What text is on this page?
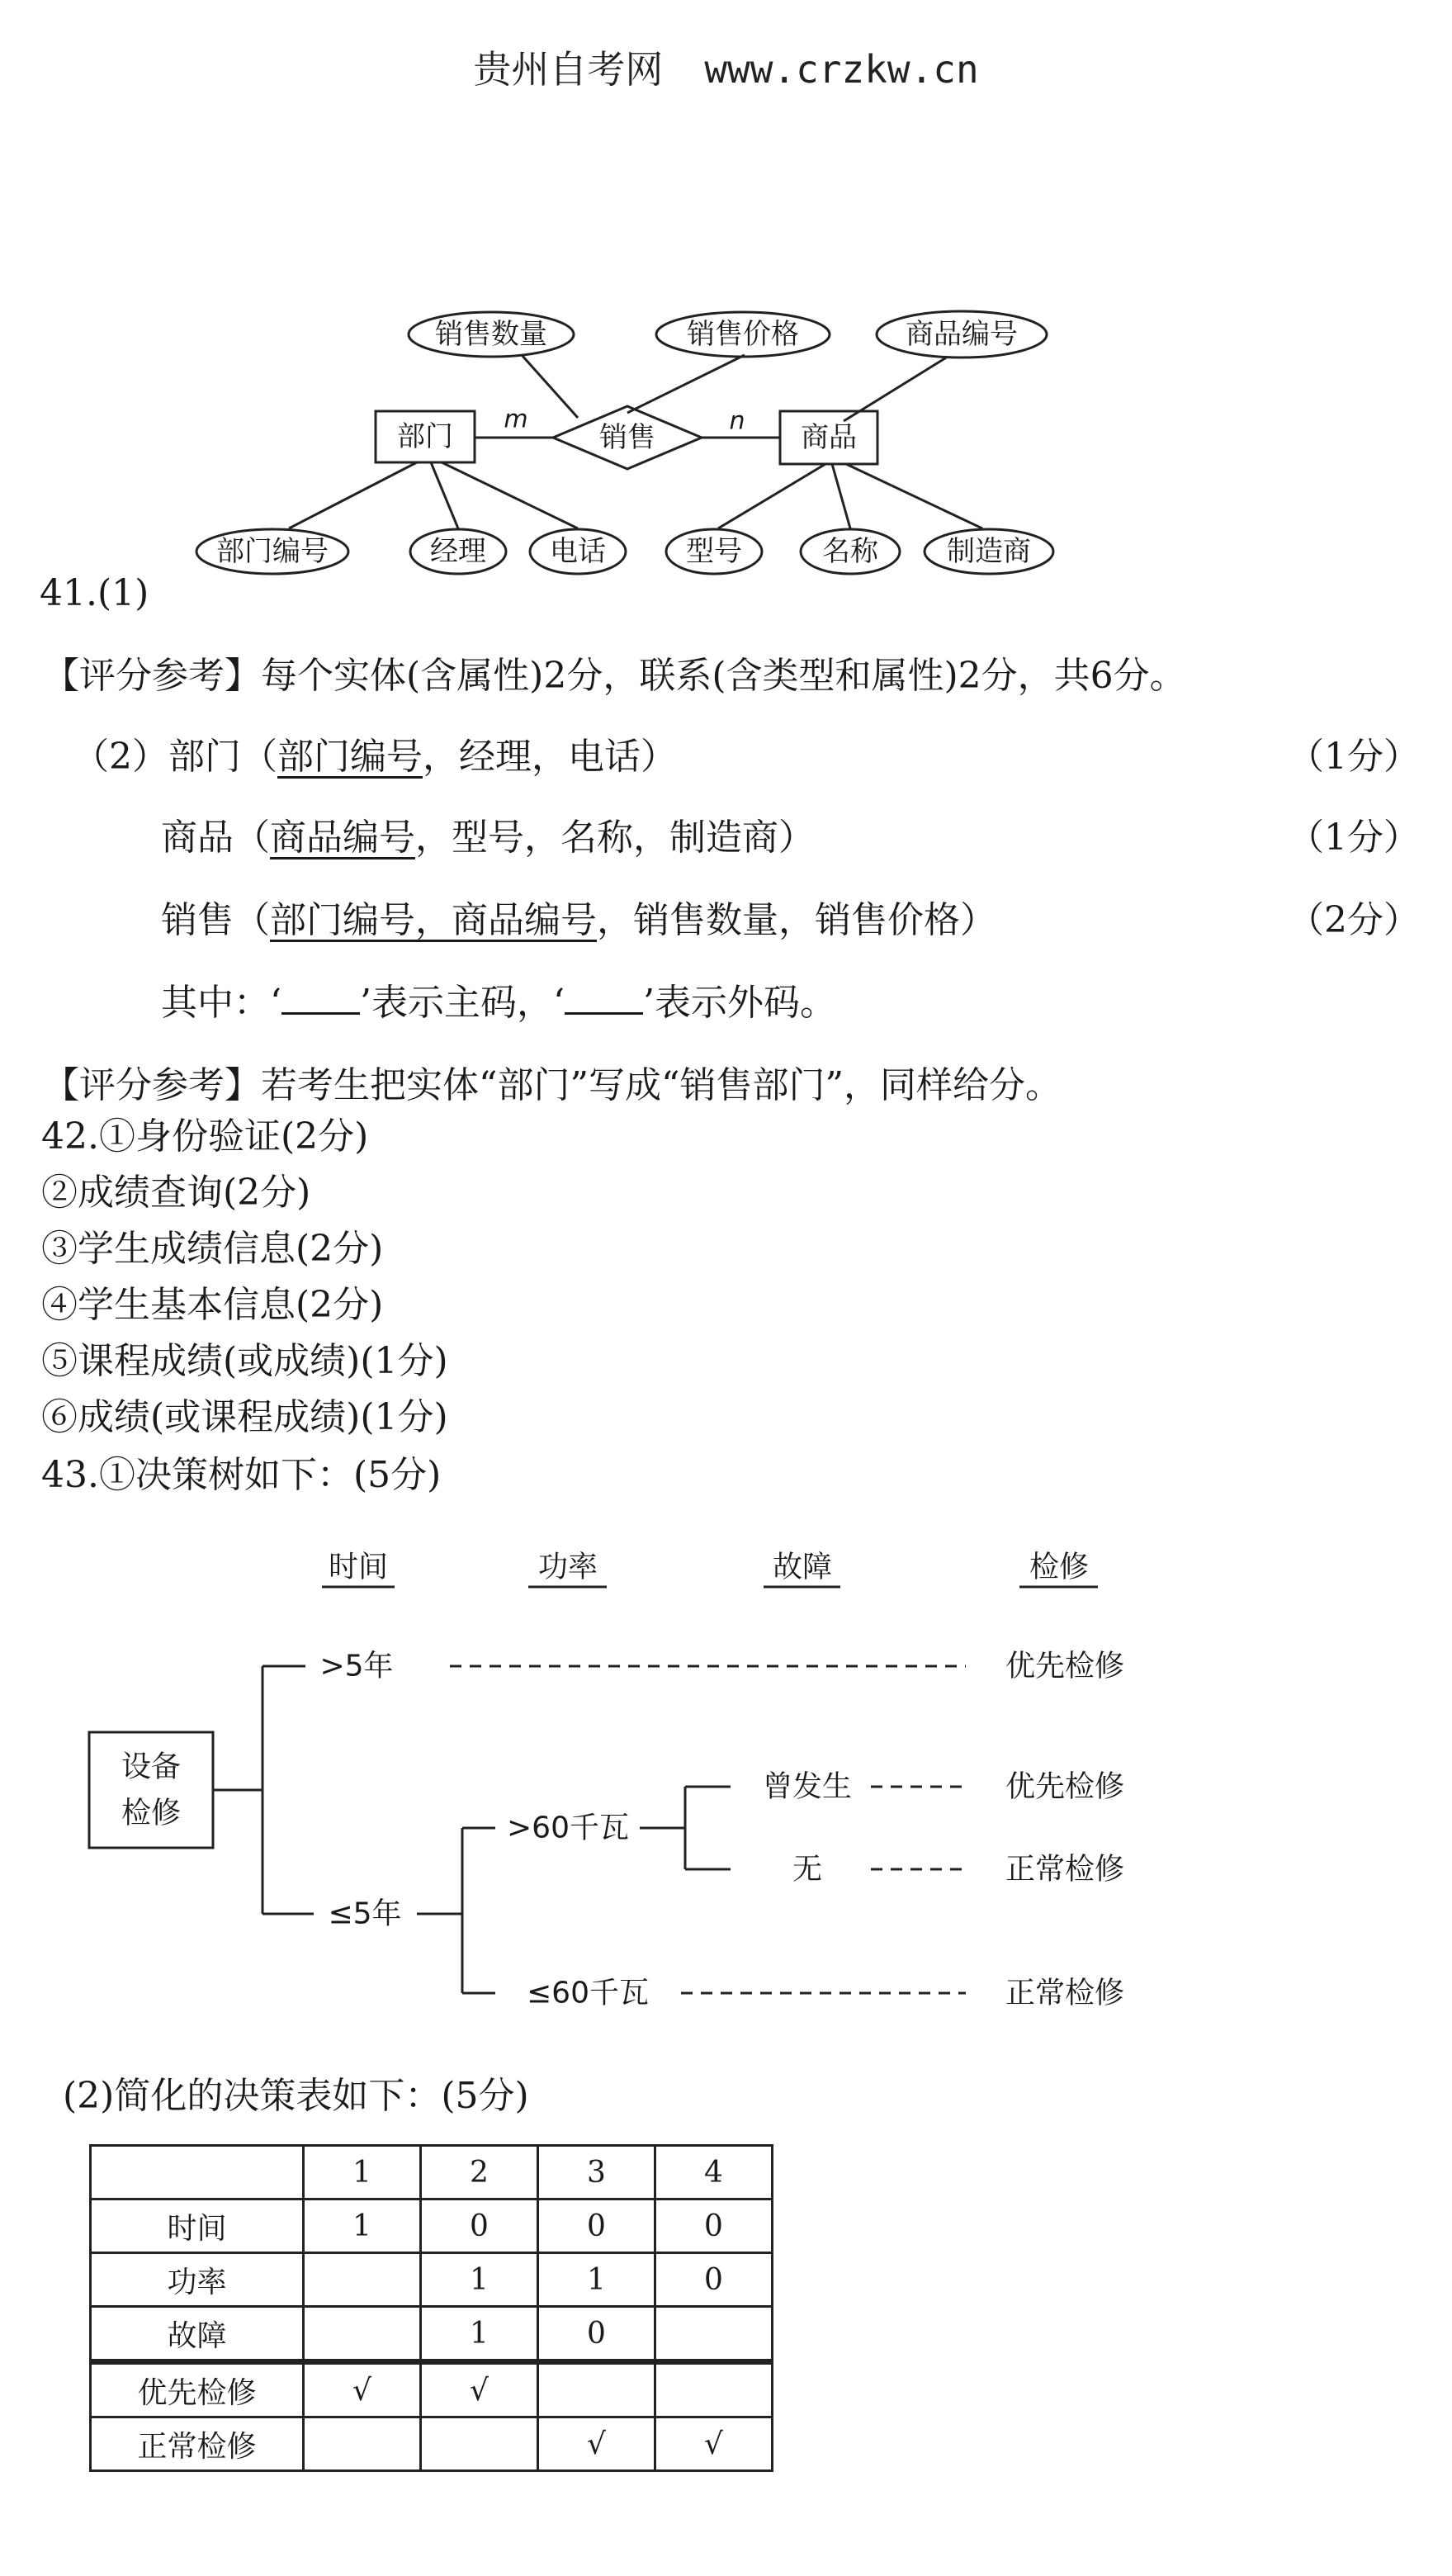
贵州自考网 www.crzkw.cn
销售数量	销售价格	商品编号
部门	商品
销售
m	n
部门编号	经理 电话	型号	名称 制造商
41.(1)
【评分参考】每个实体(含属性)2分，联系(含类型和属性)2分，共6分。
（2）部门（部门编号，经理，电话）	（1分）
商品（商品编号，型号，名称，制造商）	（1分）
销售（部门编号，商品编号，销售数量，销售价格）	（2分）
其中：‘ ’表示主码，‘ ’表示外码。
【评分参考】若考生把实体“部门”写成“销售部门”，同样给分。
42.①身份验证(2分)
②成绩查询(2分)
③学生成绩信息(2分)
④学生基本信息(2分)
⑤课程成绩(或成绩)(1分)
⑥成绩(或课程成绩)(1分)
43.①决策树如下：(5分)
时间	功率	故障	检修
设备
检修
>5年
≤5年
>60千瓦
≤60千瓦
曾发生
无
优先检修
优先检修
正常检修
正常检修
(2)简化的决策表如下：(5分)
	1	2	3	4
时间	1	0	0	0
功率		1	1	0
故障		1	0	
优先检修	√	√		
正常检修			√	√
